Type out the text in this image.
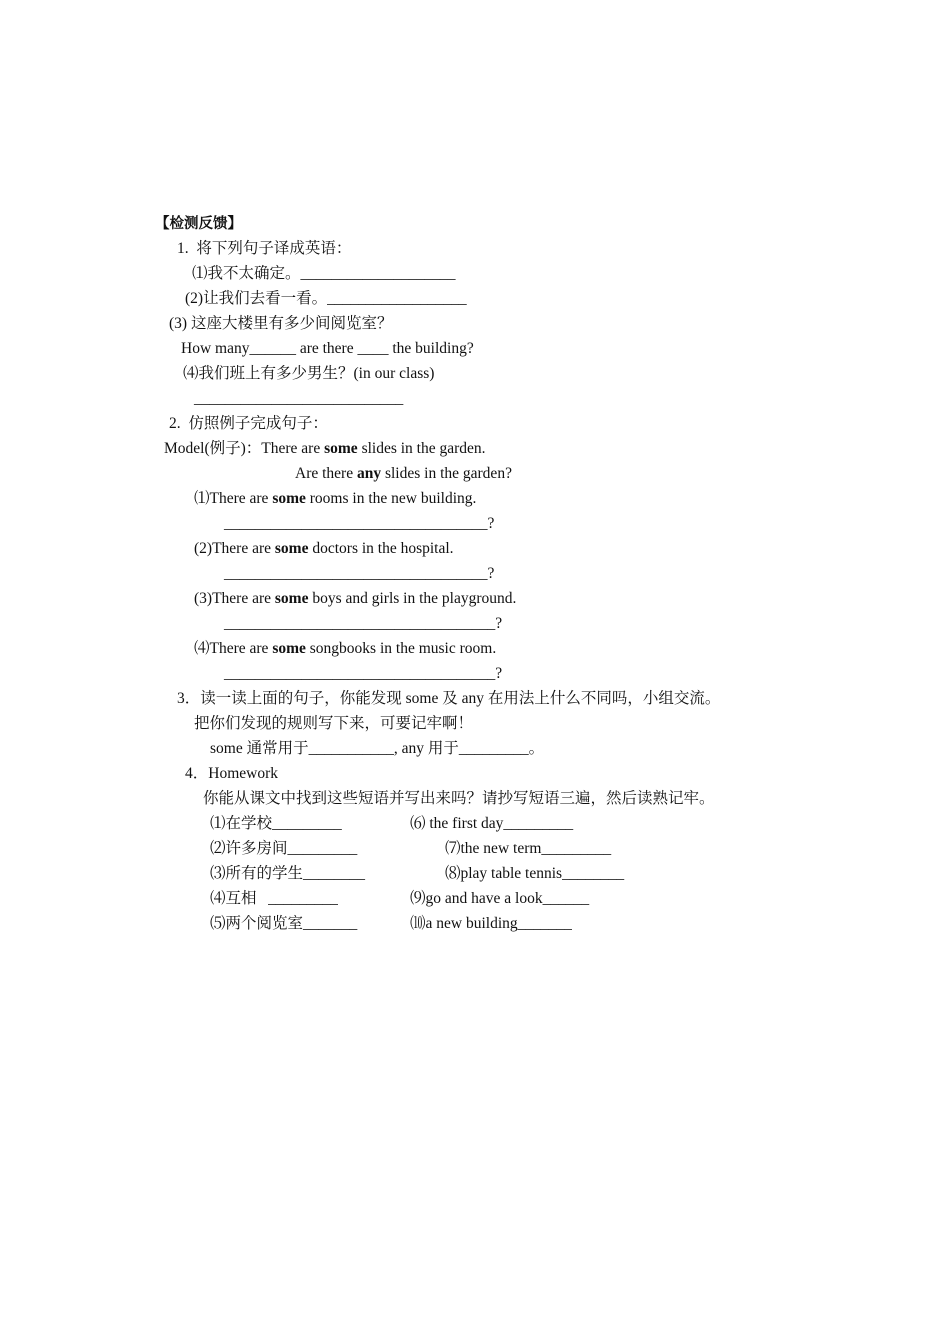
【检测反馈】
1.  将下列句子译成英语：
⑴我不太确定。____________________
(2)让我们去看一看。__________________
(3) 这座大楼里有多少间阅览室？
How many______ are there ____ the building?
⑷我们班上有多少男生？(in our class)
___________________________
2.  仿照例子完成句子：
Model(例子)：There are some slides in the garden.
Are there any slides in the garden?
⑴There are some rooms in the new building.
__________________________________?
(2)There are some doctors in the hospital.
__________________________________?
(3)There are some boys and girls in the playground.
___________________________________?
⑷There are some songbooks in the music room.
___________________________________?
3．读一读上面的句子，你能发现 some 及 any 在用法上什么不同吗，小组交流。
把你们发现的规则写下来，可要记牢啊！
some 通常用于___________, any 用于_________。
4．Homework
你能从课文中找到这些短语并写出来吗？请抄写短语三遍，然后读熟记牢。
⑴在学校_________	⑹ the first day_________
⑵许多房间_________	⑺the new term_________
⑶所有的学生________	⑻play table tennis________
⑷互相   _________	⑼go and have a look______
⑸两个阅览室_______	⑽a new building_______
